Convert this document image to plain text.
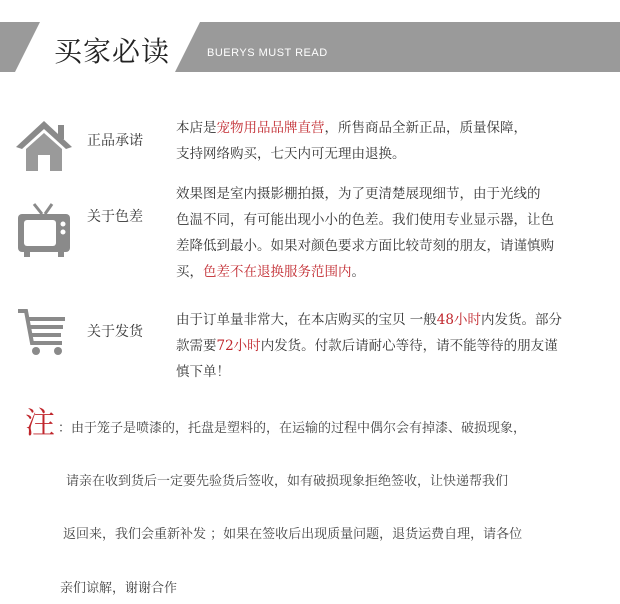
买家必读	BUERYS MUST READ
正品承诺
本店是宠物用品品牌直营，所售商品全新正品，质量保障，
支持网络购买，七天内可无理由退换。
关于色差
效果图是室内摄影棚拍摄，为了更清楚展现细节，由于光线的
色温不同，有可能出现小小的色差。我们使用专业显示器，让色
差降低到最小。如果对颜色要求方面比较苛刻的朋友，请谨慎购
买，色差不在退换服务范围内。
关于发货
由于订单量非常大，在本店购买的宝贝 一般48小时内发货。部分
款需要72小时内发货。付款后请耐心等待，请不能等待的朋友谨
慎下单！
注 ：由于笼子是喷漆的，托盘是塑料的，在运输的过程中偶尔会有掉漆、破损现象，
请亲在收到货后一定要先验货后签收，如有破损现象拒绝签收，让快递帮我们
返回来，我们会重新补发 ；如果在签收后出现质量问题，退货运费自理，请各位
亲们谅解，谢谢合作
